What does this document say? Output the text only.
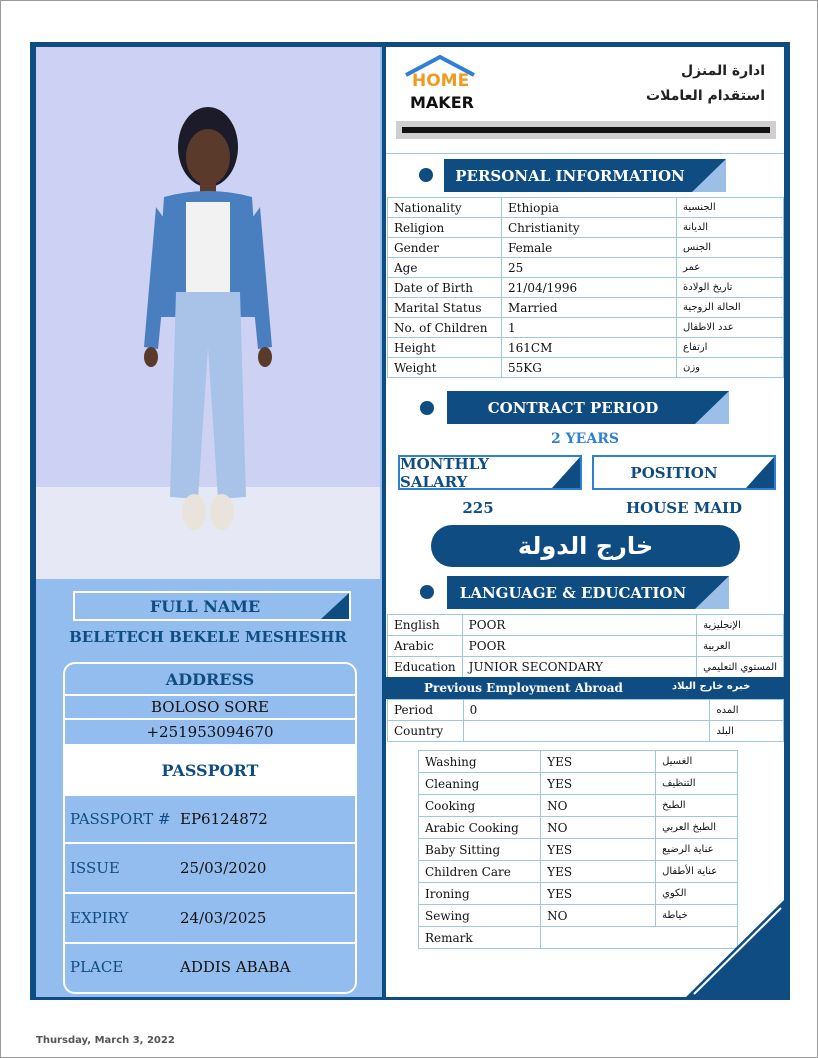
FULL NAME
BELETECH BEKELE MESHESHR
ADDRESS
BOLOSO SORE
+251953094670
PASSPORT
PASSPORT # EP6124872
ISSUE	25/03/2020
EXPIRY	24/03/2025
PLACE	ADDIS ABABA
HOME
MAKER
ادارة المنزل
استقدام العاملات
PERSONAL INFORMATION
Nationality	Ethiopia	الجنسية
Religion	Christianity	الديانة
Gender	Female	الجنس
Age	25	عمر
Date of Birth	21/04/1996	تاريخ الولادة
Marital Status	Married	الحالة الزوجية
No. of Children	1	عدد الاطفال
Height	161CM	ارتفاع
Weight	55KG	وزن
CONTRACT PERIOD
2 YEARS
MONTHLY SALARY	POSITION
225	HOUSE MAID
خارج الدولة
LANGUAGE & EDUCATION
English	POOR	الإنجليزية
Arabic	POOR	العربية
Education	JUNIOR SECONDARY	المستوي التعليمي
Previous Employment Abroad	خبره خارج البلاد
Period	0	المده
Country		البلد
Washing	YES	الغسيل	
Cleaning	YES	التنظيف	
Cooking	NO	الطبخ	
Arabic Cooking	NO	الطبخ العربي	
Baby Sitting	YES	عناية الرضيع	
Children Care	YES	عناية الأطفال	
Ironing	YES	الكوي	
Sewing	NO	خياطة	
Remark			
Thursday, March 3, 2022
